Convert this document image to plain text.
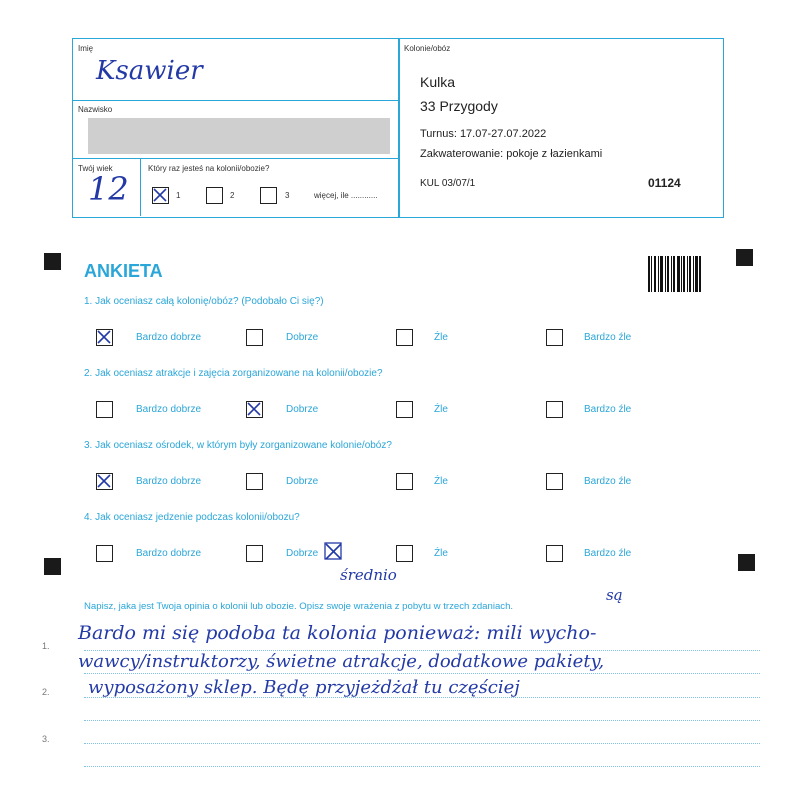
Imię
Ksawier
Nazwisko
Twój wiek
12
Który raz jesteś na kolonii/obozie?
1	2	3	więcej, ile ............
Kolonie/obóz
Kulka
33 Przygody
Turnus: 17.07-27.07.2022
Zakwaterowanie: pokoje z łazienkami
KUL 03/07/1	01124
ANKIETA
1. Jak oceniasz całą kolonię/obóz? (Podobało Ci się?)
Bardzo dobrze	Dobrze	Źle	Bardzo źle
2. Jak oceniasz atrakcje i zajęcia zorganizowane na kolonii/obozie?
Bardzo dobrze	Dobrze	Źle	Bardzo źle
3. Jak oceniasz ośrodek, w którym były zorganizowane kolonie/obóz?
Bardzo dobrze	Dobrze	Źle	Bardzo źle
4. Jak oceniasz jedzenie podczas kolonii/obozu?
Bardzo dobrze	Dobrze	Źle	Bardzo źle
średnio
Napisz, jaka jest Twoja opinia o kolonii lub obozie. Opisz swoje wrażenia z pobytu w trzech zdaniach.
1.
2.
3.
są
Bardo mi się podoba ta kolonia ponieważ: mili wycho-
wawcy/instruktorzy, świetne atrakcje, dodatkowe pakiety,
wyposażony sklep. Będę przyjeżdżał tu częściej
